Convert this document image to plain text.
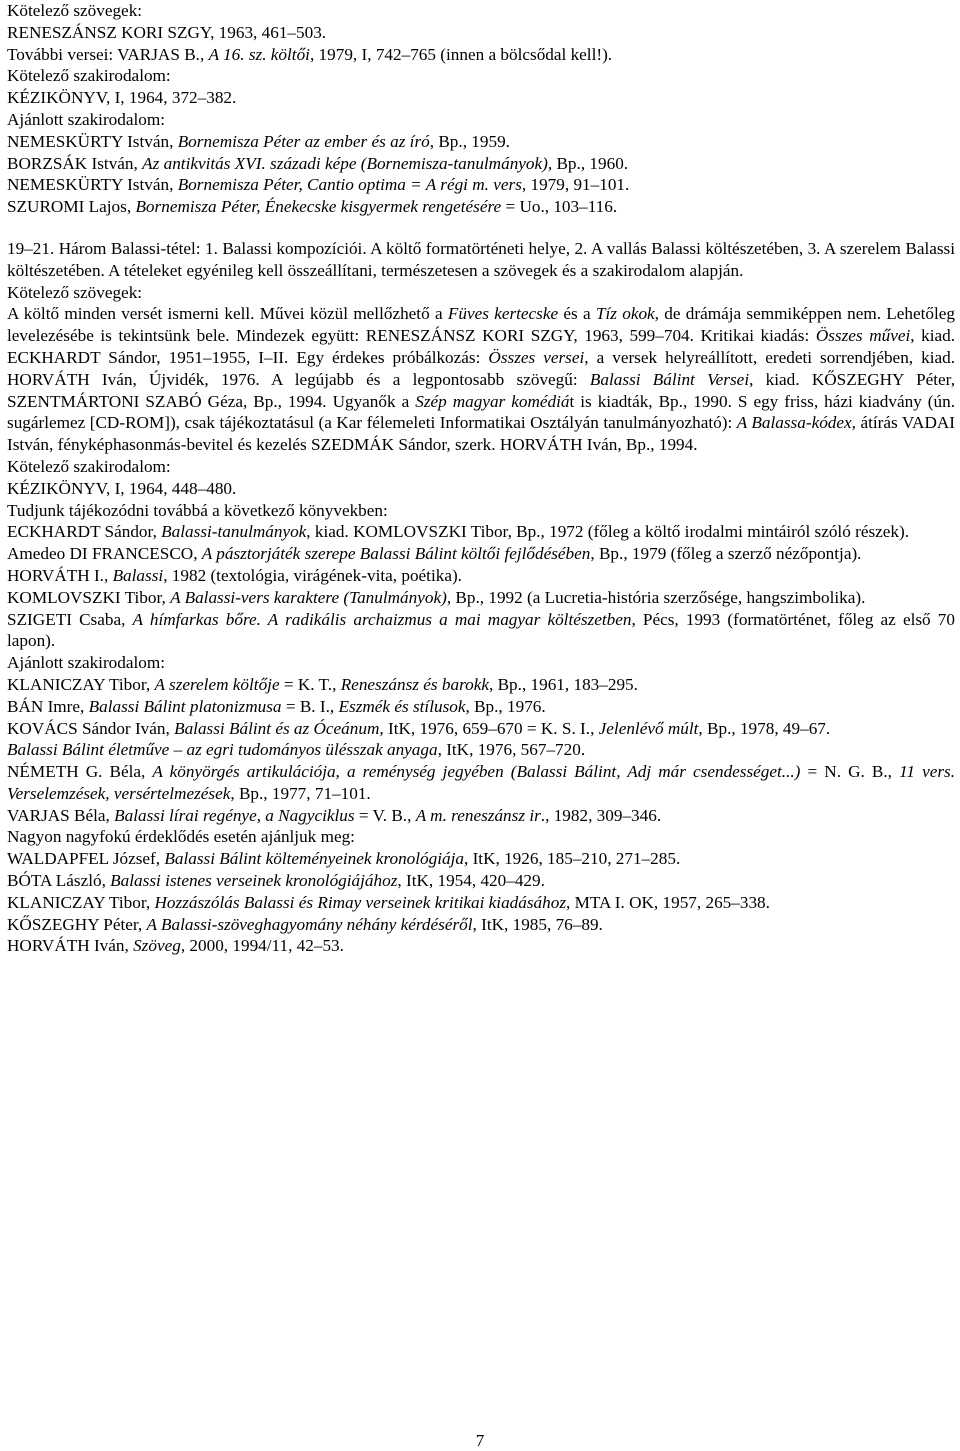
Kötelező szövegek:
RENESZÁNSZ KORI SZGY, 1963, 461–503.
További versei: VARJAS B., A 16. sz. költői, 1979, I, 742–765 (innen a bölcsődal kell!).
Kötelező szakirodalom:
KÉZIKÖNYV, I, 1964, 372–382.
Ajánlott szakirodalom:
NEMESKÜRTY István, Bornemisza Péter az ember és az író, Bp., 1959.
BORZSÁK István, Az antikvitás XVI. századi képe (Bornemisza-tanulmányok), Bp., 1960.
NEMESKÜRTY István, Bornemisza Péter, Cantio optima = A régi m. vers, 1979, 91–101.
SZUROMI Lajos, Bornemisza Péter, Énekecske kisgyermek rengetésére = Uo., 103–116.
19–21. Három Balassi-tétel: 1. Balassi kompozíciói. A költő formatörténeti helye, 2. A vallás Balassi költészetében, 3. A szerelem Balassi költészetében. A tételeket egyénileg kell összeállítani, természetesen a szövegek és a szakirodalom alapján.
Kötelező szövegek:
A költő minden versét ismerni kell. Művei közül mellőzhető a Füves kertecske és a Tíz okok, de drámája semmiképpen nem. Lehetőleg levelezésébe is tekintsünk bele. Mindezek együtt: RENESZÁNSZ KORI SZGY, 1963, 599–704. Kritikai kiadás: Összes művei, kiad. ECKHARDT Sándor, 1951–1955, I–II. Egy érdekes próbálkozás: Összes versei, a versek helyreállított, eredeti sorrendjében, kiad. HORVÁTH Iván, Újvidék, 1976. A legújabb és a legpontosabb szövegű: Balassi Bálint Versei, kiad. KŐSZEGHY Péter, SZENTMÁRTONI SZABÓ Géza, Bp., 1994. Ugyanők a Szép magyar komédiát is kiadták, Bp., 1990. S egy friss, házi kiadvány (ún. sugárlemez [CD-ROM]), csak tájékoztatásul (a Kar félemeleti Informatikai Osztályán tanulmányozható): A Balassa-kódex, átírás VADAI István, fényképhasonmás-bevitel és kezelés SZEDMÁK Sándor, szerk. HORVÁTH Iván, Bp., 1994.
Kötelező szakirodalom:
KÉZIKÖNYV, I, 1964, 448–480.
Tudjunk tájékozódni továbbá a következő könyvekben:
ECKHARDT Sándor, Balassi-tanulmányok, kiad. KOMLOVSZKI Tibor, Bp., 1972 (főleg a költő irodalmi mintáiról szóló részek).
Amedeo DI FRANCESCO, A pásztorjáték szerepe Balassi Bálint költői fejlődésében, Bp., 1979 (főleg a szerző nézőpontja).
HORVÁTH I., Balassi, 1982 (textológia, virágének-vita, poétika).
KOMLOVSZKI Tibor, A Balassi-vers karaktere (Tanulmányok), Bp., 1992 (a Lucretia-história szerzősége, hangszimbolika).
SZIGETI Csaba, A hímfarkas bőre. A radikális archaizmus a mai magyar költészetben, Pécs, 1993 (formatörténet, főleg az első 70 lapon).
Ajánlott szakirodalom:
KLANICZAY Tibor, A szerelem költője = K. T., Reneszánsz és barokk, Bp., 1961, 183–295.
BÁN Imre, Balassi Bálint platonizmusa = B. I., Eszmék és stílusok, Bp., 1976.
KOVÁCS Sándor Iván, Balassi Bálint és az Óceánum, ItK, 1976, 659–670 = K. S. I., Jelenlévő múlt, Bp., 1978, 49–67.
Balassi Bálint életműve – az egri tudományos ülésszak anyaga, ItK, 1976, 567–720.
NÉMETH G. Béla, A könyörgés artikulációja, a reménység jegyében (Balassi Bálint, Adj már csendességet...) = N. G. B., 11 vers. Verselemzések, versértelmezések, Bp., 1977, 71–101.
VARJAS Béla, Balassi lírai regénye, a Nagyciklus = V. B., A m. reneszánsz ir., 1982, 309–346.
Nagyon nagyfokú érdeklődés esetén ajánljuk meg:
WALDAPFEL József, Balassi Bálint költeményeinek kronológiája, ItK, 1926, 185–210, 271–285.
BÓTA László, Balassi istenes verseinek kronológiájához, ItK, 1954, 420–429.
KLANICZAY Tibor, Hozzászólás Balassi és Rimay verseinek kritikai kiadásához, MTA I. OK, 1957, 265–338.
KŐSZEGHY Péter, A Balassi-szöveghagyomány néhány kérdéséről, ItK, 1985, 76–89.
HORVÁTH Iván, Szöveg, 2000, 1994/11, 42–53.
7
